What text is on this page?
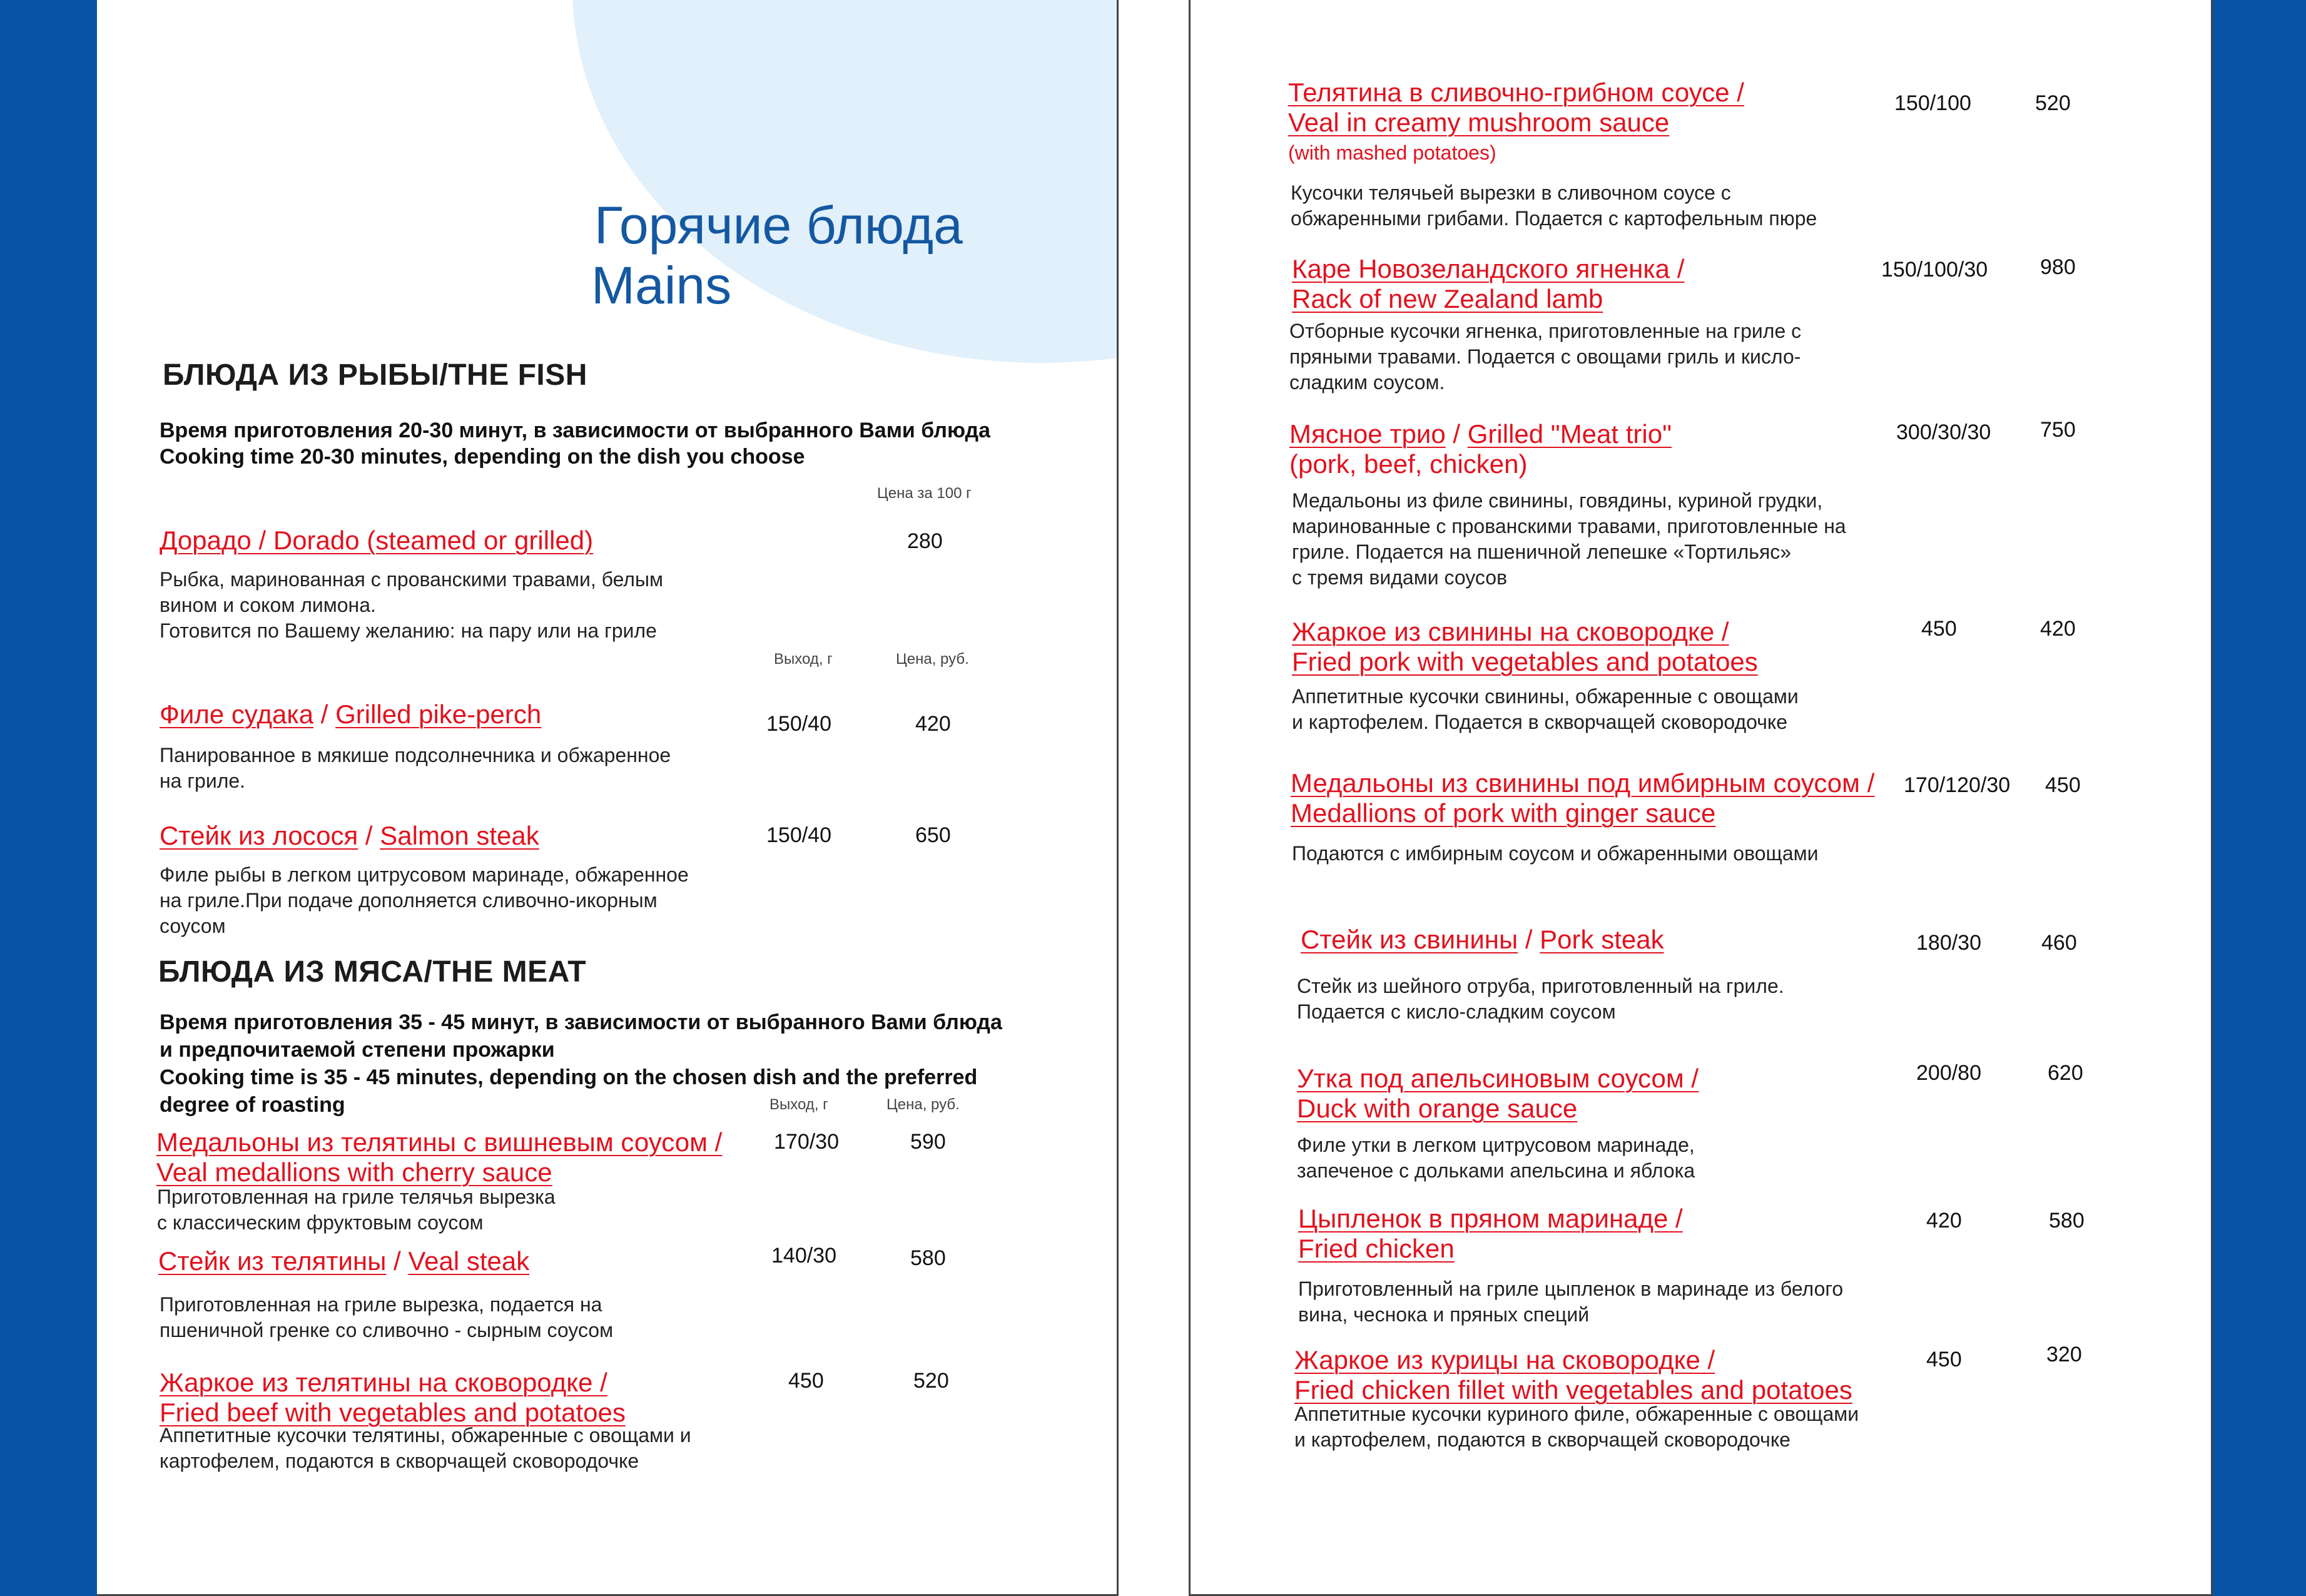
Горячие блюда
Mains
БЛЮДА ИЗ РЫБЫ/THE FISH
Время приготовления 20-30 минут, в зависимости от выбранного Вами блюда
Cooking time 20-30 minutes, depending on the dish you choose
Цена за 100 г
Дорадо / Dorado (steamed or grilled)	280
Рыбка, маринованная с прованскими травами, белым
вином и соком лимона.
Готовится по Вашему желанию: на пару или на гриле
Выход, г	Цена, руб.
Филе судака / Grilled pike-perch	150/40	420
Панированное в мякише подсолнечника и обжаренное
на гриле.
Стейк из лосося / Salmon steak	150/40	650
Филе рыбы в легком цитрусовом маринаде, обжаренное
на гриле.При подаче дополняется сливочно-икорным
соусом
БЛЮДА ИЗ МЯСА/THE MEAT
Время приготовления 35 - 45 минут, в зависимости от выбранного Вами блюда
и предпочитаемой степени прожарки
Cooking time is 35 - 45 minutes, depending on the chosen dish and the preferred
degree of roasting	Выход, г	Цена, руб.
Медальоны из телятины с вишневым соусом /
Veal medallions with cherry sauce
170/30	590
Приготовленная на гриле телячья вырезка
с классическим фруктовым соусом
Стейк из телятины / Veal steak	140/30	580
Приготовленная на гриле вырезка, подается на
пшеничной гренке со сливочно - сырным соусом
Жаркое из телятины на сковородке /
Fried beef with vegetables and potatoes
450	520
Аппетитные кусочки телятины, обжаренные с овощами и
картофелем, подаются в скворчащей сковородочке
Телятина в сливочно-грибном соусе /
Veal in creamy mushroom sauce
(with mashed potatoes)
150/100	520
Кусочки телячьей вырезки в сливочном соусе с
обжаренными грибами. Подается с картофельным пюре
Каре Новозеландского ягненка /
Rack of new Zealand lamb
150/100/30 980
Отборные кусочки ягненка, приготовленные на гриле с
пряными травами. Подается с овощами гриль и кисло-
сладким соусом.
Мясное трио / Grilled "Meat trio"
(pork, beef, chicken)
300/30/30 750
Медальоны из филе свинины, говядины, куриной грудки,
маринованные с прованскими травами, приготовленные на
гриле. Подается на пшеничной лепешке «Тортильяс»
с тремя видами соусов
Жаркое из свинины на сковородке /
Fried pork with vegetables and potatoes
450	420
Аппетитные кусочки свинины, обжаренные с овощами
и картофелем. Подается в скворчащей сковородочке
Медальоны из свинины под имбирным соусом /
Medallions of pork with ginger sauce
170/120/30 450
Подаются с имбирным соусом и обжаренными овощами
Стейк из свинины / Pork steak	180/30	460
Стейк из шейного отруба, приготовленный на гриле.
Подается с кисло-сладким соусом
Утка под апельсиновым соусом /
Duck with orange sauce
200/80	620
Филе утки в легком цитрусовом маринаде,
запеченое с дольками апельсина и яблока
Цыпленок в пряном маринаде /
Fried chicken
420	580
Приготовленный на гриле цыпленок в маринаде из белого
вина, чеснока и пряных специй
Жаркое из курицы на сковородке /
Fried chicken fillet with vegetables and potatoes
450	320
Аппетитные кусочки куриного филе, обжаренные с овощами
и картофелем, подаются в скворчащей сковородочке
